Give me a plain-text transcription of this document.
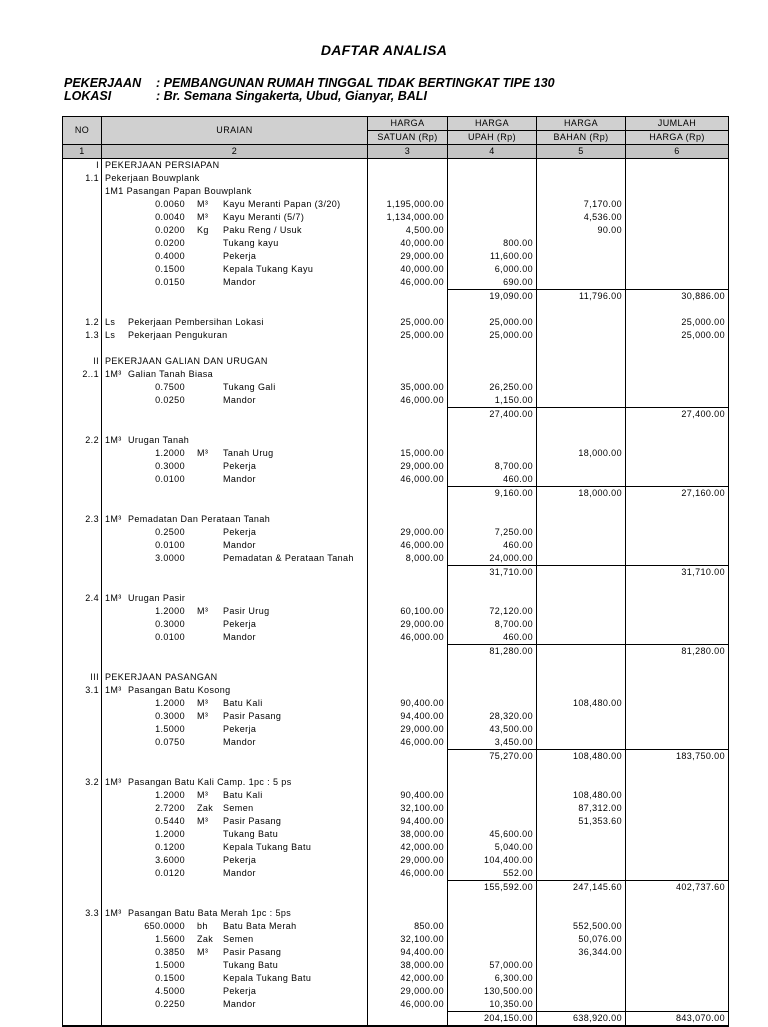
DAFTAR ANALISA
PEKERJAAN : PEMBANGUNAN RUMAH TINGGAL TIDAK BERTINGKAT TIPE 130
LOKASI	: Br. Semana Singakerta, Ubud, Gianyar, BALI
NO	URAIAN	HARGA	HARGA	HARGA	JUMLAH
		SATUAN (Rp)	UPAH (Rp)	BAHAN (Rp)	HARGA (Rp)
1	2	3	4	5	6
I	PEKERJAAN PERSIAPAN				
1.1	Pekerjaan Bouwplank				
	1M1 Pasangan Papan Bouwplank				
	0.0060 M³ Kayu Meranti Papan (3/20)	1,195,000.00		7,170.00	
	0.0040 M³ Kayu Meranti (5/7)	1,134,000.00		4,536.00	
	0.0200 Kg Paku Reng / Usuk	4,500.00		90.00	
	0.0200 Tukang kayu	40,000.00	800.00		
	0.4000 Pekerja	29,000.00	11,600.00		
	0.1500 Kepala Tukang Kayu	40,000.00	6,000.00		
	0.0150 Mandor	46,000.00	690.00		
			19,090.00	11,796.00	30,886.00

1.2	Ls Pekerjaan Pembersihan Lokasi	25,000.00	25,000.00		25,000.00
1.3	Ls Pekerjaan Pengukuran	25,000.00	25,000.00		25,000.00

II	PEKERJAAN GALIAN DAN URUGAN				
2..1	1M³ Galian Tanah Biasa				
	0.7500 Tukang Gali	35,000.00	26,250.00		
	0.0250 Mandor	46,000.00	1,150.00		
			27,400.00		27,400.00

2.2	1M³ Urugan Tanah				
	1.2000 M³ Tanah Urug	15,000.00		18,000.00	
	0.3000 Pekerja	29,000.00	8,700.00		
	0.0100 Mandor	46,000.00	460.00		
			9,160.00	18,000.00	27,160.00

2.3	1M³ Pemadatan Dan Perataan Tanah				
	0.2500 Pekerja	29,000.00	7,250.00		
	0.0100 Mandor	46,000.00	460.00		
	3.0000 Pemadatan & Perataan Tanah	8,000.00	24,000.00		
			31,710.00		31,710.00

2.4	1M³ Urugan Pasir				
	1.2000 M³ Pasir Urug	60,100.00	72,120.00		
	0.3000 Pekerja	29,000.00	8,700.00		
	0.0100 Mandor	46,000.00	460.00		
			81,280.00		81,280.00

III	PEKERJAAN PASANGAN				
3.1	1M³ Pasangan Batu Kosong				
	1.2000 M³ Batu Kali	90,400.00		108,480.00	
	0.3000 M³ Pasir Pasang	94,400.00	28,320.00		
	1.5000 Pekerja	29,000.00	43,500.00		
	0.0750 Mandor	46,000.00	3,450.00		
			75,270.00	108,480.00	183,750.00

3.2	1M³ Pasangan Batu Kali Camp. 1pc : 5 ps				
	1.2000 M³ Batu Kali	90,400.00		108,480.00	
	2.7200 Zak Semen	32,100.00		87,312.00	
	0.5440 M³ Pasir Pasang	94,400.00		51,353.60	
	1.2000 Tukang Batu	38,000.00	45,600.00		
	0.1200 Kepala Tukang Batu	42,000.00	5,040.00		
	3.6000 Pekerja	29,000.00	104,400.00		
	0.0120 Mandor	46,000.00	552.00		
			155,592.00	247,145.60	402,737.60

3.3	1M³ Pasangan Batu Bata Merah 1pc : 5ps				
	650.0000 bh Batu Bata Merah	850.00		552,500.00	
	1.5600 Zak Semen	32,100.00		50,076.00	
	0.3850 M³ Pasir Pasang	94,400.00		36,344.00	
	1.5000 Tukang Batu	38,000.00	57,000.00		
	0.1500 Kepala Tukang Batu	42,000.00	6,300.00		
	4.5000 Pekerja	29,000.00	130,500.00		
	0.2250 Mandor	46,000.00	10,350.00		
			204,150.00	638,920.00	843,070.00
